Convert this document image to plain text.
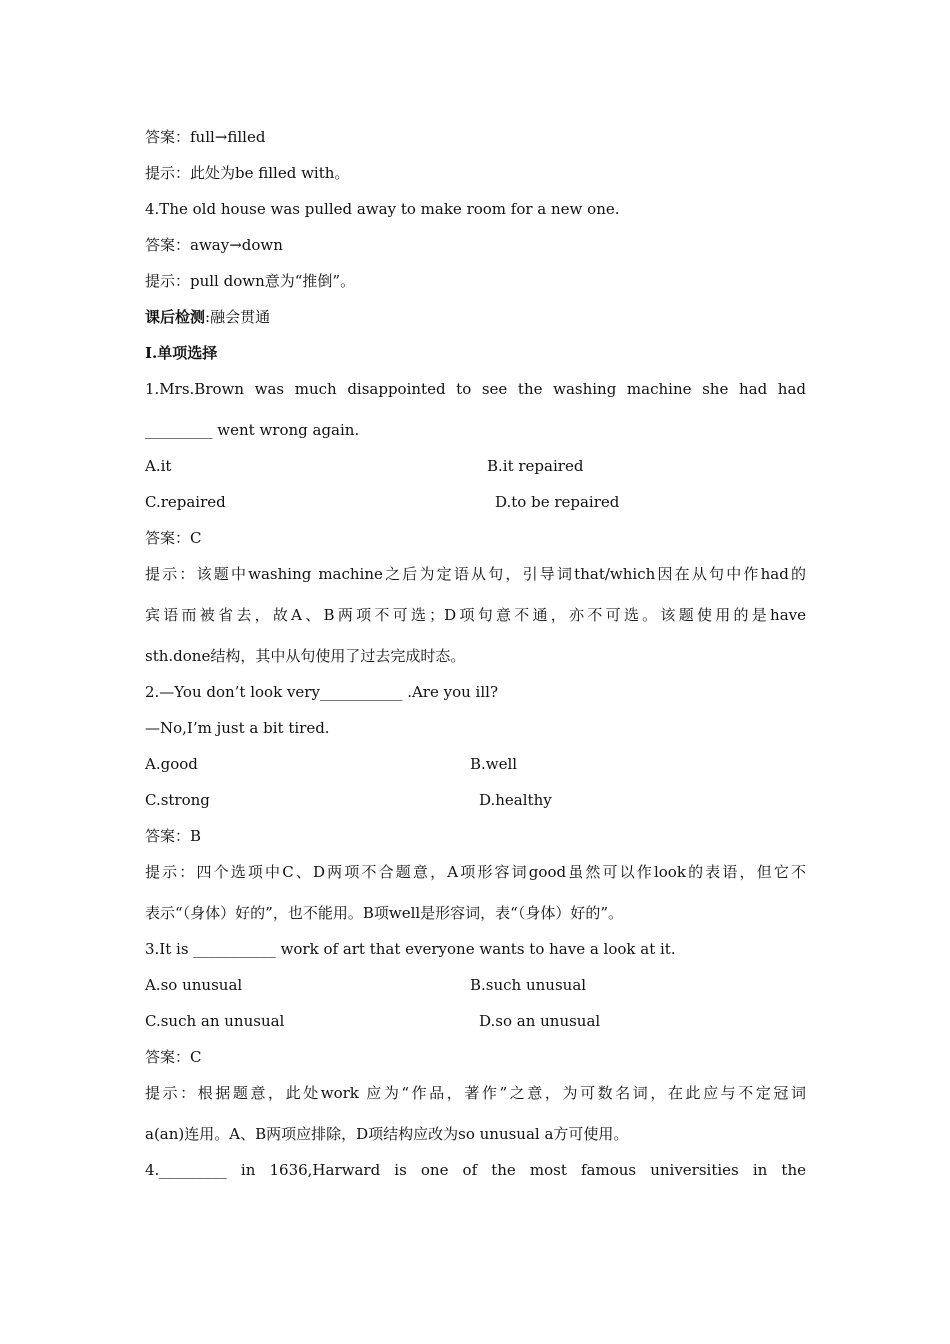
答案：full→filled
提示：此处为be filled with。
4.The old house was pulled away to make room for a new one.
答案：away→down
提示：pull down意为“推倒”。
课后检测:融会贯通
Ⅰ.单项选择
1.Mrs.Brown was much disappointed to see the washing machine she had had
_________ went wrong again.
A.it	B.it repaired
C.repaired	D.to be repaired
答案：C
提示：该题中washing machine之后为定语从句，引导词that/which因在从句中作had的
宾语而被省去，故A、B两项不可选；D项句意不通，亦不可选。该题使用的是have
sth.done结构，其中从句使用了过去完成时态。
2.—You don’t look very___________ .Are you ill?
—No,I’m just a bit tired.
A.good	B.well
C.strong	D.healthy
答案：B
提示：四个选项中C、D两项不合题意，A项形容词good虽然可以作look的表语，但它不
表示“（身体）好的”，也不能用。B项well是形容词，表“（身体）好的”。
3.It is ___________ work of art that everyone wants to have a look at it.
A.so unusual	B.such unusual
C.such an unusual	D.so an unusual
答案：C
提示：根据题意，此处work 应为“作品，著作”之意，为可数名词，在此应与不定冠词
a(an)连用。A、B两项应排除，D项结构应改为so unusual a方可使用。
4._________ in 1636,Harward is one of the most famous universities in the
